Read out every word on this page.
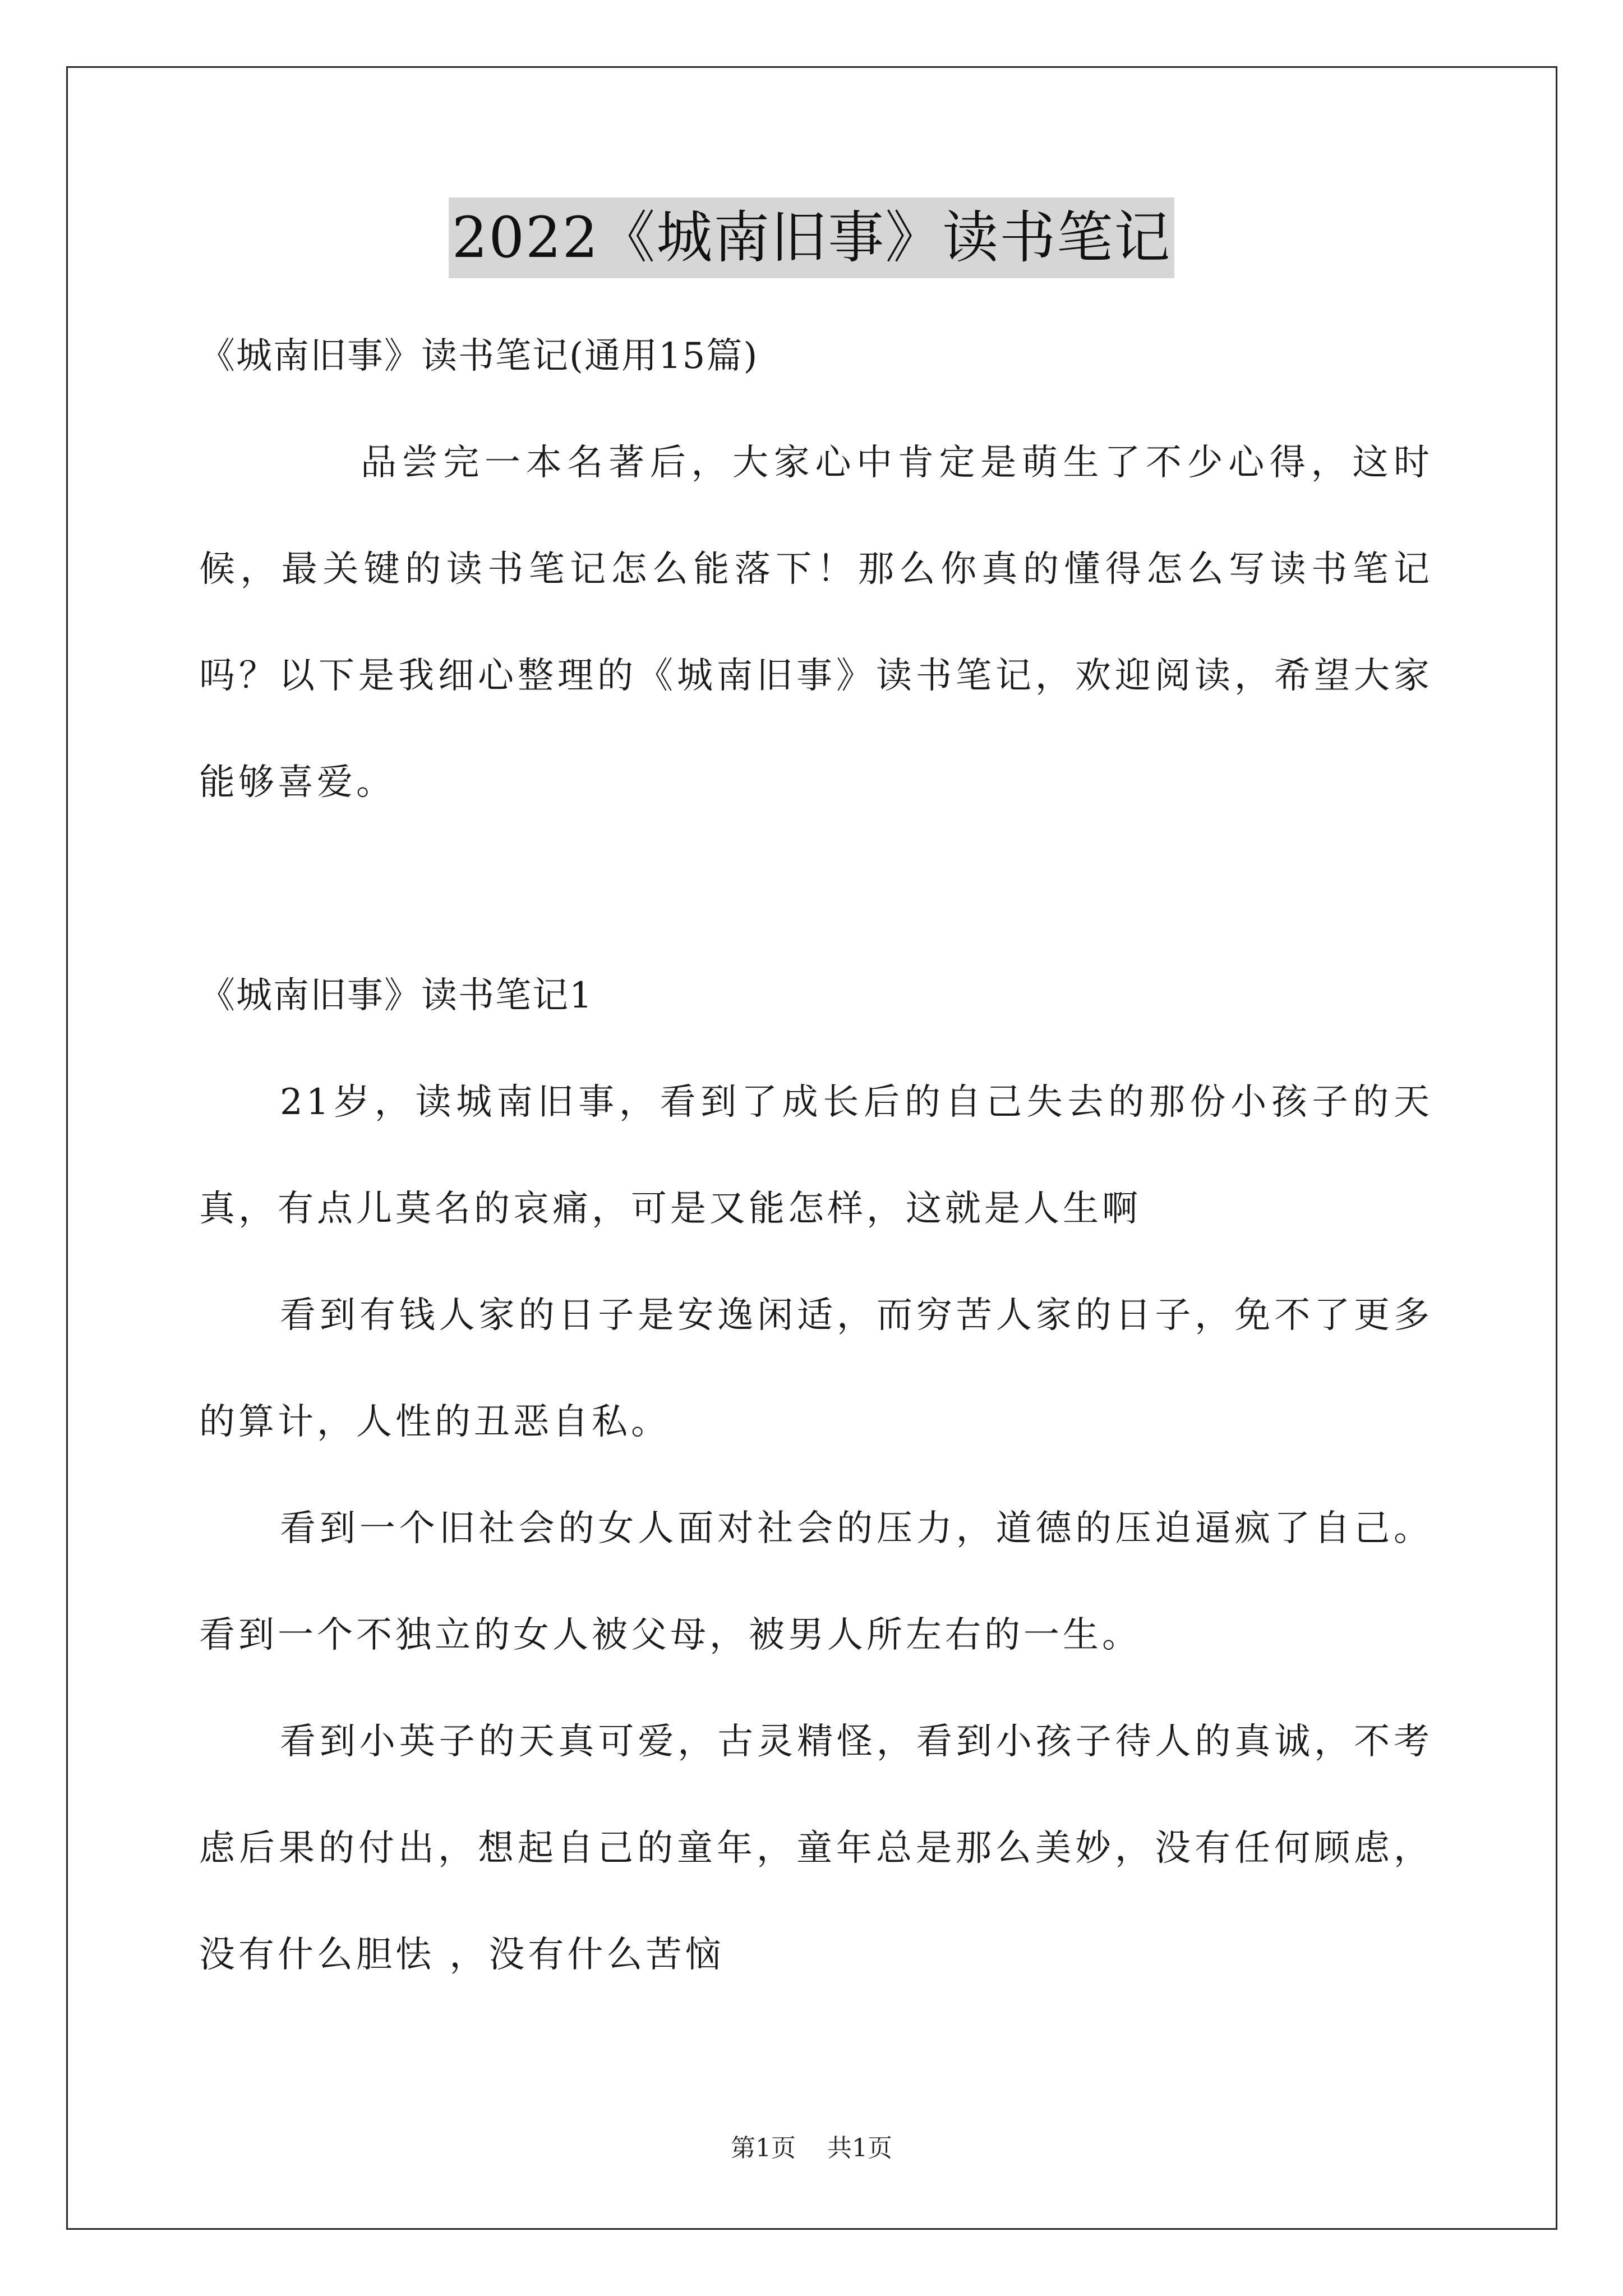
2022《城南旧事》读书笔记

《城南旧事》读书笔记(通用15篇)

品尝完一本名著后，大家心中肯定是萌生了不少心得，这时候，最关键的读书笔记怎么能落下！那么你真的懂得怎么写读书笔记吗？以下是我细心整理的《城南旧事》读书笔记，欢迎阅读，希望大家能够喜爱。

《城南旧事》读书笔记1

21岁，读城南旧事，看到了成长后的自己失去的那份小孩子的天真，有点儿莫名的哀痛，可是又能怎样，这就是人生啊

看到有钱人家的日子是安逸闲适，而穷苦人家的日子，免不了更多的算计，人性的丑恶自私。

看到一个旧社会的女人面对社会的压力，道德的压迫逼疯了自己。看到一个不独立的女人被父母，被男人所左右的一生。

看到小英子的天真可爱，古灵精怪，看到小孩子待人的真诚，不考虑后果的付出，想起自己的童年，童年总是那么美妙，没有任何顾虑，没有什么胆怯 ，没有什么苦恼

第1页 共1页
